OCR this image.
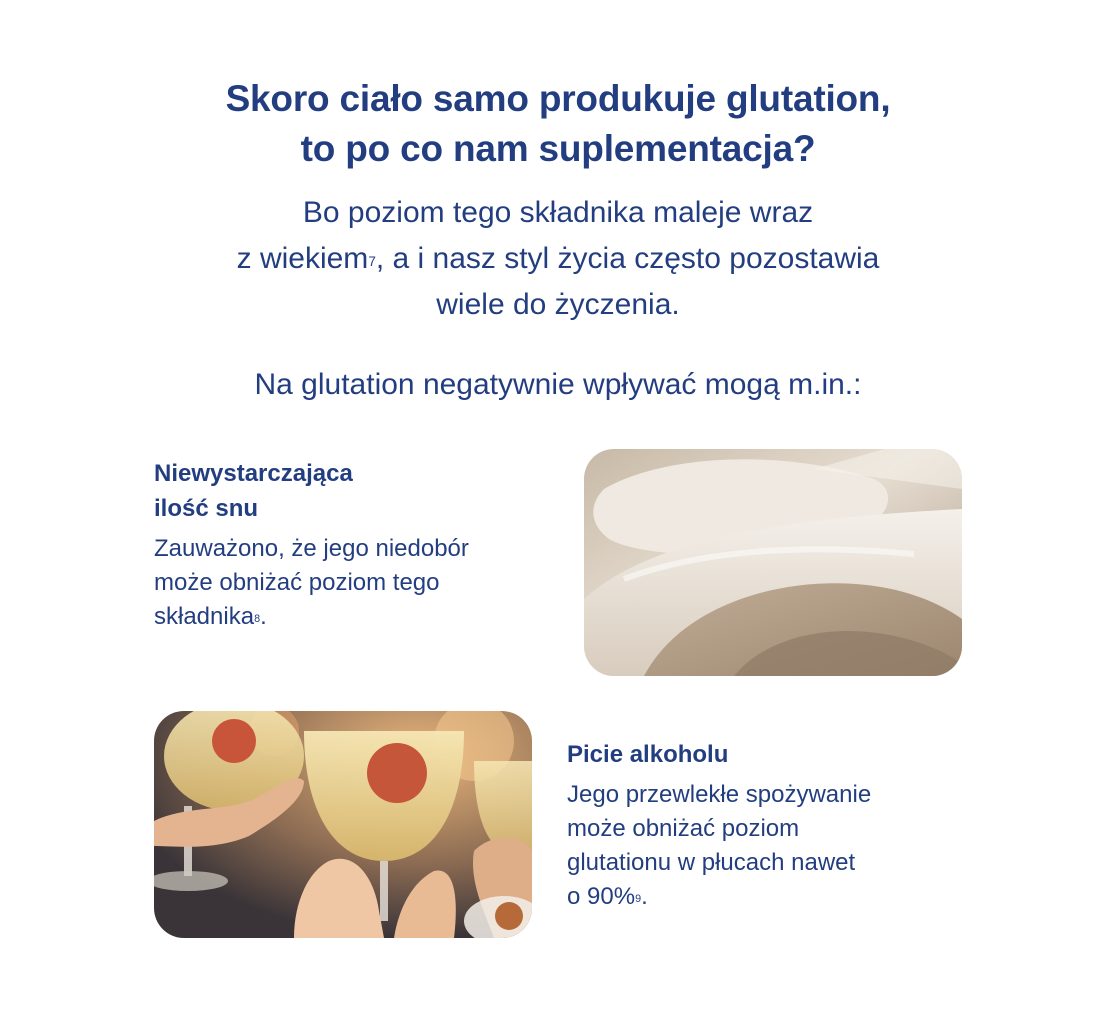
Skoro ciało samo produkuje glutation,
to po co nam suplementacja?
Bo poziom tego składnika maleje wraz
z wiekiem$^7$, a i nasz styl życia często pozostawia
wiele do życzenia.

Na glutation negatywnie wpływać mogą m.in.:

Niewystarczająca
ilość snu

Zauważono, że jego niedobór
może obniżać poziom tego
składnika$^8$.

Picie alkoholu

Jego przewlekłe spożywanie
może obniżać poziom
glutationu w płucach nawet
o 90%$^9$.
